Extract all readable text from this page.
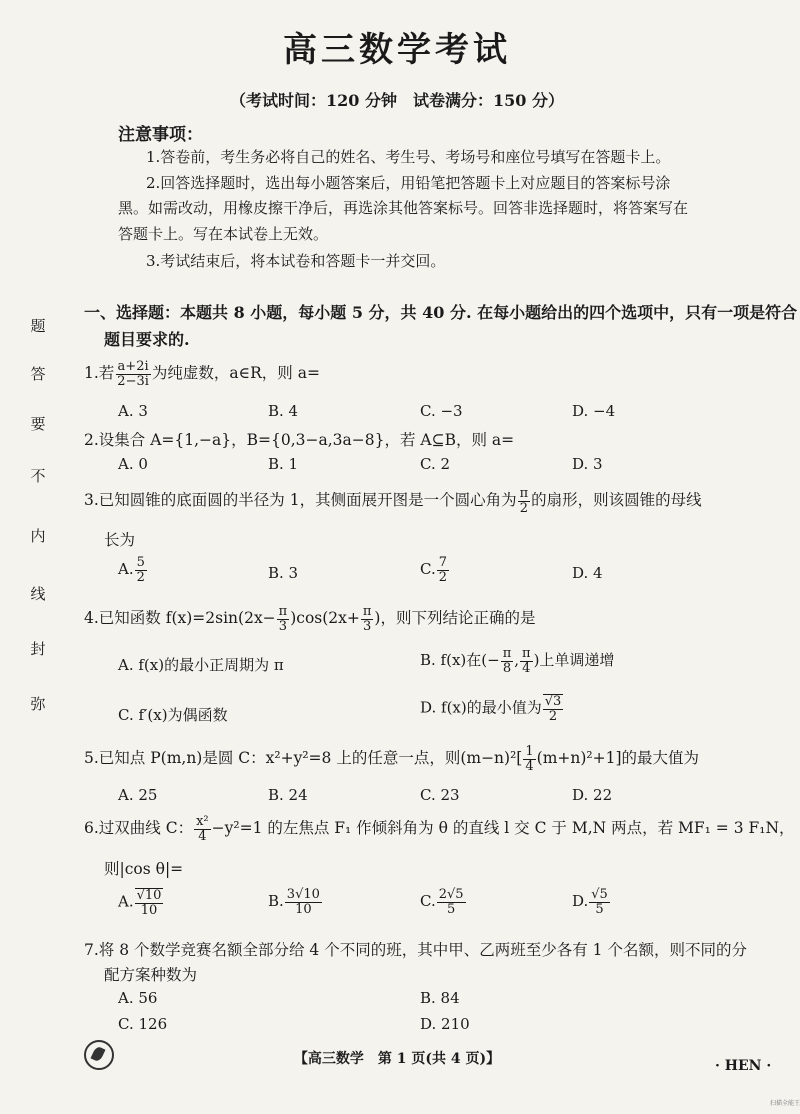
高三数学考试
（考试时间：120 分钟　试卷满分：150 分）
注意事项：
1.答卷前，考生务必将自己的姓名、考生号、考场号和座位号填写在答题卡上。
2.回答选择题时，选出每小题答案后，用铅笔把答题卡上对应题目的答案标号涂
黑。如需改动，用橡皮擦干净后，再选涂其他答案标号。回答非选择题时，将答案写在
答题卡上。写在本试卷上无效。
3.考试结束后，将本试卷和答题卡一并交回。
题
答
要
不
内
线
封
弥
一、选择题：本题共 8 小题，每小题 5 分，共 40 分. 在每小题给出的四个选项中，只有一项是符合
题目要求的.
1.若 $\frac{a+2i}{2-3i}$ 为纯虚数，a∈R，则 a=
A. 3	B. 4	C. −3	D. −4
2.设集合 A={1,−a}，B={0,3−a,3a−8}，若 A⊆B，则 a=
A. 0	B. 1	C. 2	D. 3
3.已知圆锥的底面圆的半径为 1，其侧面展开图是一个圆心角为 $\frac{\pi}{2}$ 的扇形，则该圆锥的母线
长为
A. $\frac{5}{2}$	B. 3	C. $\frac{7}{2}$	D. 4
4.已知函数 $f(x)=2\sin(2x- \frac{\pi}{3} )\cos(2x+ \frac{\pi}{3}$ )，则下列结论正确的是
A. f(x)的最小正周期为 π	B. f(x)在(− $\frac{\pi}{8}$ , $\frac{\pi}{4}$ )上单调递增
C. f′(x)为偶函数	D. f(x)的最小值为 $\frac{√3}{2}$
5.已知点 P(m,n)是圆 C：x²+y²=8 上的任意一点，则$(m-n)^2[ \frac{1}{4} (m+n)^2+1]$的最大值为
A. 25	B. 24	C. 23	D. 22
6.过双曲线 C： $\frac{\text{x²}}{4} -y^2=1$ 的左焦点 F₁ 作倾斜角为 θ 的直线 l 交 C 于 M,N 两点，若 MF₁ = 3 F₁N，
则|cos θ|=
A. $\frac{√10}{10}$	B. $\frac{3√10}{10}$	C. $\frac{2√5}{5}$	D. $\frac{√5}{5}$
7.将 8 个数学竞赛名额全部分给 4 个不同的班，其中甲、乙两班至少各有 1 个名额，则不同的分
配方案种数为
A. 56	B. 84
C. 126	D. 210
【高三数学　第 1 页(共 4 页)】	· HEN ·
扫描全能王
